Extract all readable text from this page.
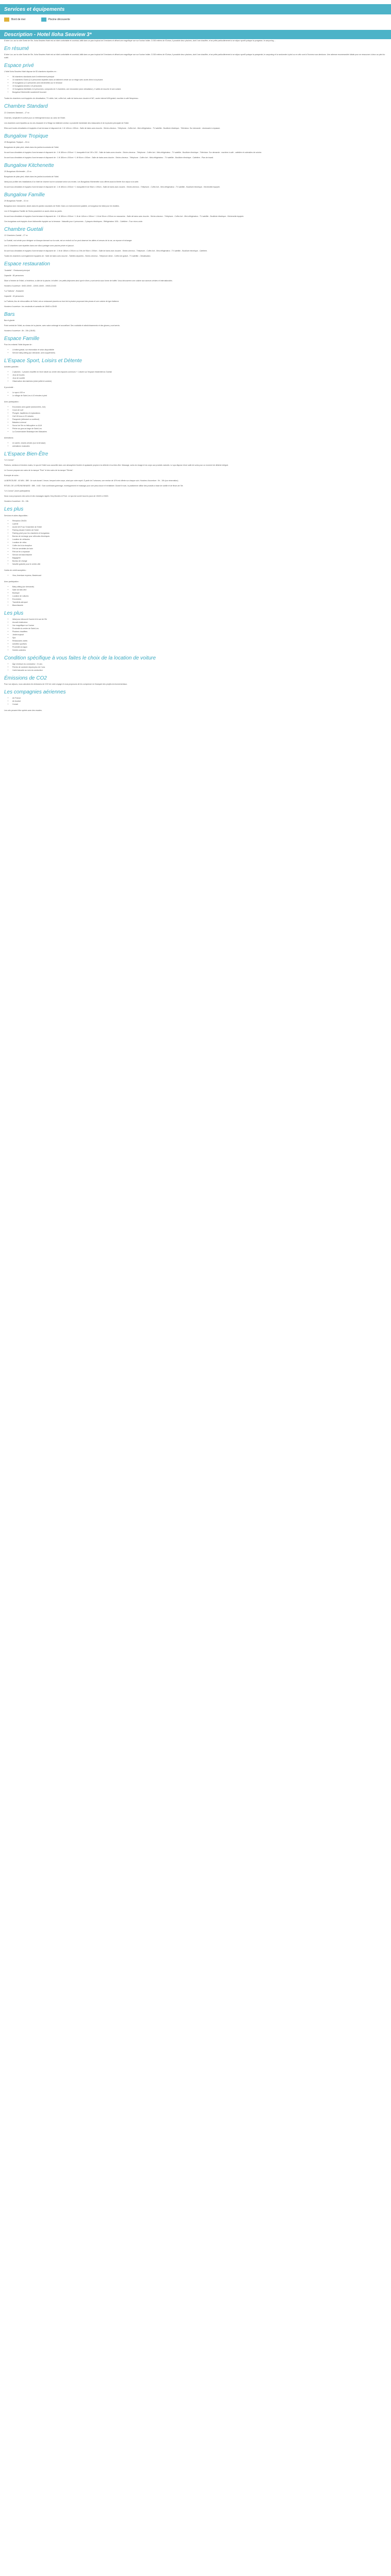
Services et équipements
Bord de mer	Piscine découverte
Description - Hotel Iloha Seaview 3*

À faire Lux, sur la côte Ouest de l'île, Iloha Seaview Hotel est un hôtel confortable et convivial, bâtit dans un parc tropical de 3 hectares et offrant une magnifique vue sur l'océan Indien. À 300 mètres de l'Océan, il possède deux piscines, dont l'une chauffée, et se prête particulièrement à se séjour sportif puisque la pongesse, le canyoning ...

En résumé

À faire Lux, sur la côte Ouest de l'île, Iloha Seaview Hotel est un hôtel confortable et convivial, bâtit dans un parc tropical de 3 hectares et offrant une magnifique vue sur l'océan Indien. À 300 mètres de l'Océan, il possède deux piscines, dont l'une chauffée, et se prête particulièrement à se séjour sportif puisque la parapente, le canyoning et la randonnée à pied ou en vélo sont à l'honneur aux alentours. Une adresse recommandée idéale pour se ressourcer à deux au pied du soleil.

Espace privé

L'hôtel Iloha Seaview Hotel dispose de 83 chambres réparties en :

• 56 chambres standards dont 6 entièrement principal
• 10 chambres Grand (2-4 personnes réparties dans un bâtiment créole sur un étage avec accès direct à la piscine.
• 20 bungalows (2-3 personnes avec kitchenette) sur le terrasse
• 10 bungalows kreoles 4-5 personnes
• 10 bungalows familiales 4-6 personnes, composés de 2 chambres, une mezzanine (avec climatiseur), 2 salles de douche et une cuisine.
• Bungalow Kitchenette soustremrit bouvant

Toutes les chambres sont équipées de climatisation, TV câble, fuel, coffre-fort, salle de bains avec douche et WC, accès internet Wifi gratuit, machine à café Nespresso.

Chambre Standard

22 Chambres Standard – 17 m²

Charmes, simplicité et confort pour un hébergement doux au cœur de l'hôtel.

Les chambres sont réparties au rez-de-chaussée et à l'étage du bâtiment central, à proximité immédiate des restaurants et de la piscine principale de l'hôtel.

Elles sont toutes climatisées et équipées d'une terrasse et disposent de: 1 lit 140cm x 190cm - Salle de bains avec douche - Sèche-cheveux - Téléphone - Coffre-fort - Mini-réfrigérateur - TV satellite - Bouilloire électrique - Télévision. Sur demande : nécessaire à repasser.

Bungalow Tropique

20 Bungalows Tropique – 34 m²

Bungalows de plain-pied, situés dans les jardins luxuriants de l'hôtel.

Ils sont tous climatisés et équipés d'une terrasse et disposent de : 1 lit 180cm x 200cm + 1 banquette lit de 190 x 200 - Salle de bains avec douche - Sèche-cheveux - Téléphone - Coffre-fort - Mini-réfrigérateur - TV satellite - Bouilloire électrique - Télévision. Sur demande : machine à café - cafetière et ustensiles de cuisine.

Ils sont tous climatisés et équipés d'une terrasse et disposent de : 1 lit 180cm x 200cm + 1 lit 90cm x 190cm - Salle de bains avec douche - Sèche-cheveux - Téléphone - Coffre-fort - Mini-réfrigérateur - TV satellite - Bouilloire électrique - Cafetière - Plan de travail.

Bungalow Kitchenette

20 Bungalows Kitchenette – 32 m²

Bungalows de plain-pied, situés dans les jardins luxuriants de l'hôtel.

Idéal pour profiter des installations d'un hôtel de charme tout en cuisinant selon vos envies. Les Bungalows Kitchenette vous offrent aussi la liberté d'un séjour à la carte.

Ils sont tous climatisés et équipés d'une terrasse et disposent de : 1 lit 180cm x 200cm + 1 banquette lit de 90cm x 190cm - Salle de bains avec douche - Sèche-cheveux - Téléphone - Coffre-fort - Mini-réfrigérateur - TV satellite - Bouilloire électrique - Kitchenette équipée.

Bungalow Famille

20 Bungalows Famille – 51 m²

Bungalow avec mezzanine, situés dans les jardins luxuriants de l'hôtel. Dans un environnement paisible, ce bungalow est idéal pour les familles.

Les 10 Bungalows Famille de l'Iloha possèdent un accès direct au jardin.

Ils sont tous climatisés et équipés d'une terrasse et disposent de : 1 lit 180cm x 200cm + 1 lit de 140cm x 190cm + 1 lit de 90cm x 200cm en mezzanine - Salle de bains avec douche - Sèche-cheveux - Téléphone - Coffre-fort - Mini-réfrigérateur - TV satellite - Bouilloire électrique - Kitchenette équipée.

Ces bungalows sont équipés d'une kitchenette équipée sur la terrasse : Vaisselle pour 4 personnes - 2 plaques électriques - Réfrigérateur 100L - Cafetière - Four micro-onde.

Chambre Guetali

12 Chambres Guetali – 27 m²

La Guetali, mot créole pour désigner un kiosque donnant sur la route, est un endroit où l'on peut observer les allées et venues de la rue, se reposer et échanger.

Les 12 chambres sont réparties dans une villa à partager avec piscine privée et jacuzzi.

Ils sont tous climatisés et équipés d'une terrasse et disposent de : 1 lit de 180cm x 200cm ou 2 lits de 90cm x 200cm - Salle de bains avec douche - Sèche-cheveux - Téléphone - Coffre-fort - Mini-réfrigérateur - TV satellite - Bouilloire électrique - Cafetière.

Toutes les chambres sont également équipées de : Salle de bains avec douche - Toilettes séparées - Sèche-cheveux - Téléphone direct - Coffre-fort gratuit - TV satellite - Climatisation.

Espace restauration

"Arabelle" - Restaurant principal

Capacité : 80 personnes

Situé à l'entrée de l'hôtel, à l'extérieur, à côté de la piscine, le buffet. Les petits-déjeuners ainsi que le dîner y sont servis sous forme de buffet. Vous découvrirez une cuisine aux saveurs créoles et internationales.

Horaires d'ouverture : 6h00-10h00 - 12h00-14h00 - 19h00-21h30

"La Trattoria" - Brasserie

Capacité : 40 personnes

La Trattoria, lieu de retrouvailles de l'hôtel, est un restaurant pizzeria au bord de la piscine proposant des pizzas et une cuisine de type italienne.

Horaires d'ouverture : les vendredis et samedis de 18h00 à 22h30

Bars

Bar et glacier

Point central de l'hôtel, au niveau de la piscine, avec salon ombragé et accueillant. Des cocktails et rafraîchissements et des glaces y sont servis.

Horaires d'ouverture : 8h - 20h (13h30)

Espace Famille

Pour les enfants l'hôtel dispose de :

• Lit bébé gratuit, sur réservation et selon disponibilité
• Service baby-sitting (sur demande, avec supplément)
L'Espace Sport, Loisirs et Détente

Activités gratuites :

• 2 piscines : 1 piscine chauffée en hiver située au centre des espaces communs + 1 située sur l'espace résidentiel du Guetali.
• Jeux de boules
• Jeux de société
• Observation des baleines (entre juillet et octobre)

À proximité :

• Le spa à 100 m
• Le village de Saint-Leu à 10 minutes à pied

Avec participation :

• Excursions avec guide (randonnées, 4x4)
• Cours de surf
• Plongée, baptêmes et explorations
• Golf 18 trous à 20 minutes
• Parapente (débutant ou confirmé)
• Balades à cheval
• Survol de l'île en hélicoptère ou ULM
• Pêche au gros au large de Saint-Leu
• La Conservatoire Botanique des Mascarins

Animations :

• en soirée, chants créoles (sur la terrasse)
• animations musicales
L'Espace Bien-Être

"Le Cocoon"

Parfums, senteurs et tendres mains, le spa de l'hôtel vous accueille dans une atmosphère feutrée et apaisante propice à la détente et au bien-être. Massage, soins du visage et du corps aux produits naturels. Le spa dispose d'une salle de soins pour un moment de détente intégral.

Le Cocoon propose ses soins de la marque "Pure" et des soins de la marque "Elemis".

Exemple de soins :

LA BERCEUSE - 60 MIN - 85€ : Un soin durant 1 heure, berçant votre corps, ainsi que votre esprit. À partir de 2 séances, une remise de 10% est offerte sur chaque soin. Horaires d'ouverture : 9h - 19h (sur réservation).

RITUEL DE LA RÉUNIONNAISE : 85€ - 1h30 : Soin combinant gommage, enveloppement et massage pour une peau douce et revitalisée. Durant le soin, la praticienne utilise des produits à base de vanille et de fleurs de l'île.

"Le Cocoon" (zone participative)

Nous vous proposons des soins et des massages signés Cinq Mondes et Pure. Le spa est ouvert tous les jours de 10h00 à 19h00.

Horaires d'ouverture : 9h - 19h

Les plus

Services et aides disponibles :

• Réception 24h/24
• Laverie
• Accès Wi-Fi sur l'ensemble de l'hôtel
• Parking devant l'entrée de l'hôtel
• Parking privé pour les chambres et bungalows
• Bornes de recharge pour véhicules électriques
• Location de véhicules
• Location de vélos
• Coffre-fort à la réception
• Prêt de serviettes de bain
• Prêt de fer à repasser
• Service de blanchisserie
• Bagagerie
• Bureau de change
• Navette gratuite pour le centre-ville

Cartes de crédit acceptées :

• Visa, American express, Mastercard

Avec participation :

• Baby-sitting (sur demande)
• Salle de bien-être
• Boutique
• Location de voitures
• Excursions
• Transferts aéroport
• Blanchisserie
Les plus
• Idéal pour découvrir l'ouest et le sud de l'île
• Accueil chaleureux
• Vue magnifique sur l'océan
• Proximité du centre de Saint-Leu
• Piscines chauffées
• Jardin tropical
• Spa
• Restaurants variés
• Activités sportives
• Proximité du lagon
• Soirées animées
Condition spécifique à vous faites le choix de la location de voiture
• Âge minimum du conducteur : 21 ans
• Permis de conduire depuis plus de 2 ans
• Carte bancaire au nom du conducteur
Émissions de CO2

Pour vos séjours, nous calculons les émissions de CO2 de votre voyage et vous proposons de les compenser en finançant des projets environnementaux.

Les compagnies aériennes
• Air France
• Air Austral
• Corsair

Les vols peuvent être opérés avec des escales.
